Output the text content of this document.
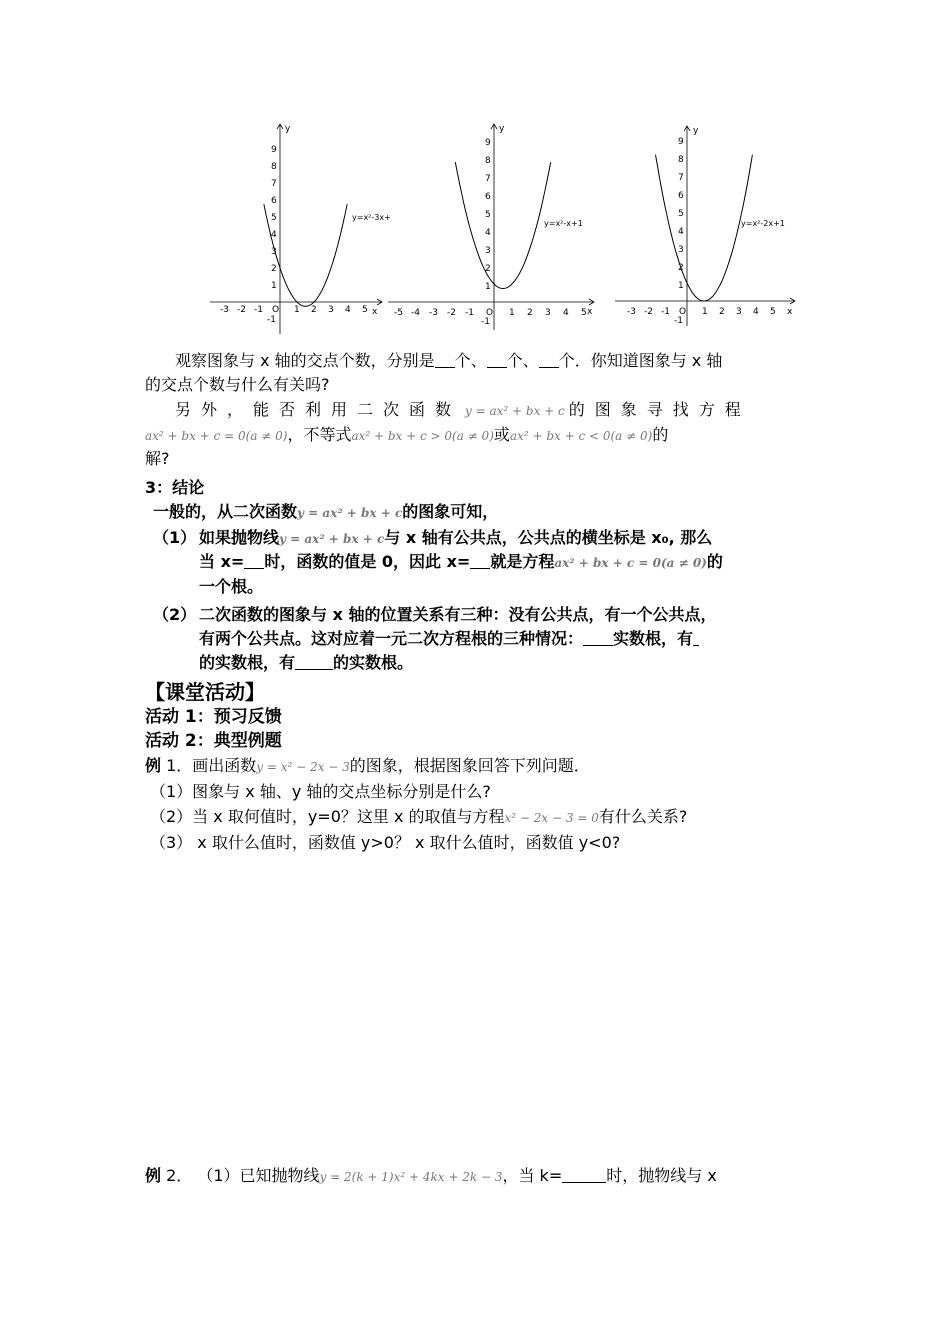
y
x
1
2
3
4
5
6
7
8
9
-1
-3 -2 -1 O 1 2 3 4 5
y=x²-3x+
y
x
1
2
3
4
5
6
7
8
9
-1
-5 -4 -3 -2 -1 O 1 2 3 4 5
y=x²-x+1
y
x
1
2
3
4
5
6
7
8
9
-1
-3 -2 -1 O 1 2 3 4 5
y=x²-2x+1
观察图象与 x 轴的交点个数，分别是 个、 个、 个．你知道图象与 x 轴
的交点个数与什么有关吗?
另外，能否利用二次函数 y = ax² + bx + c 的图象寻找方程
ax² + bx + c = 0(a ≠ 0)，不等式ax² + bx + c > 0(a ≠ 0)或ax² + bx + c < 0(a ≠ 0)的
解?
3：结论
一般的，从二次函数y = ax² + bx + c的图象可知，
（1） 如果抛物线y = ax² + bx + c与 x 轴有公共点，公共点的横坐标是 x₀, 那么
当 x= 时，函数的值是 0，因此 x= 就是方程ax² + bx + c = 0(a ≠ 0)的
一个根。
（2） 二次函数的图象与 x 轴的位置关系有三种：没有公共点，有一个公共点，
有两个公共点。这对应着一元二次方程根的三种情况： 实数根，有
的实数根，有 的实数根。
【课堂活动】
活动 1：预习反馈
活动 2：典型例题
例 1．画出函数y = x² − 2x − 3的图象，根据图象回答下列问题．
（1）图象与 x 轴、y 轴的交点坐标分别是什么?
（2）当 x 取何值时，y=0？这里 x 的取值与方程x² − 2x − 3 = 0有什么关系?
（3） x 取什么值时，函数值 y>0？ x 取什么值时，函数值 y<0?
例 2． （1）已知抛物线y = 2(k + 1)x² + 4kx + 2k − 3，当 k=	时，抛物线与 x
